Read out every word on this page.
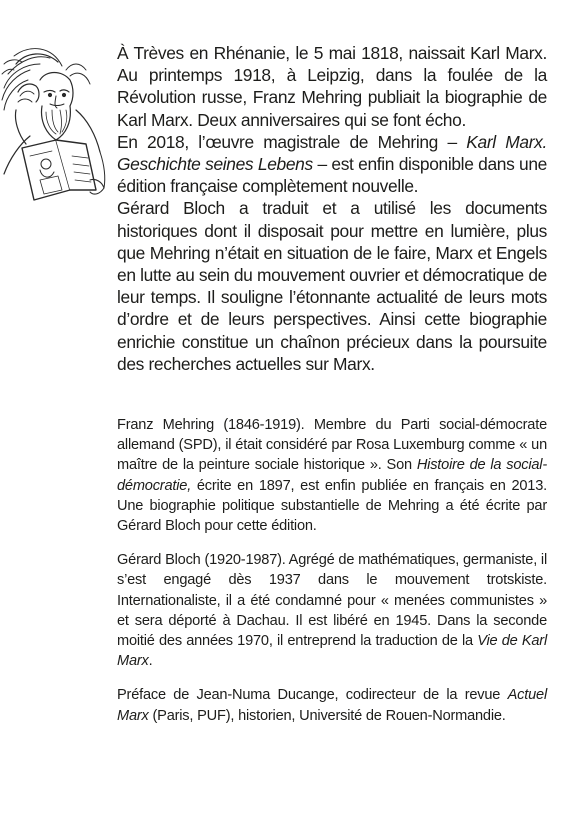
À Trèves en Rhénanie, le 5 mai 1818, naissait Karl Marx. Au printemps 1918, à Leipzig, dans la foulée de la Révolution russe, Franz Mehring publiait la biographie de Karl Marx. Deux anniversaires qui se font écho.

En 2018, l’œuvre magistrale de Mehring – Karl Marx. Geschichte seines Lebens – est enfin disponible dans une édition française complètement nouvelle.

Gérard Bloch a traduit et a utilisé les documents historiques dont il disposait pour mettre en lumière, plus que Mehring n’était en situation de le faire, Marx et Engels en lutte au sein du mouvement ouvrier et démocratique de leur temps. Il souligne l’étonnante actualité de leurs mots d’ordre et de leurs perspectives. Ainsi cette biographie enrichie constitue un chaînon précieux dans la poursuite des recherches actuelles sur Marx.

Franz Mehring (1846-1919). Membre du Parti social-démocrate allemand (SPD), il était considéré par Rosa Luxemburg comme « un maître de la peinture sociale historique ». Son Histoire de la social-démocratie, écrite en 1897, est enfin publiée en français en 2013. Une biographie politique substantielle de Mehring a été écrite par Gérard Bloch pour cette édition.

Gérard Bloch (1920-1987). Agrégé de mathématiques, germaniste, il s’est engagé dès 1937 dans le mouvement trotskiste. Internationaliste, il a été condamné pour « menées communistes » et sera déporté à Dachau. Il est libéré en 1945. Dans la seconde moitié des années 1970, il entreprend la traduction de la Vie de Karl Marx.

Préface de Jean-Numa Ducange, codirecteur de la revue Actuel Marx (Paris, PUF), historien, Université de Rouen-Normandie.
